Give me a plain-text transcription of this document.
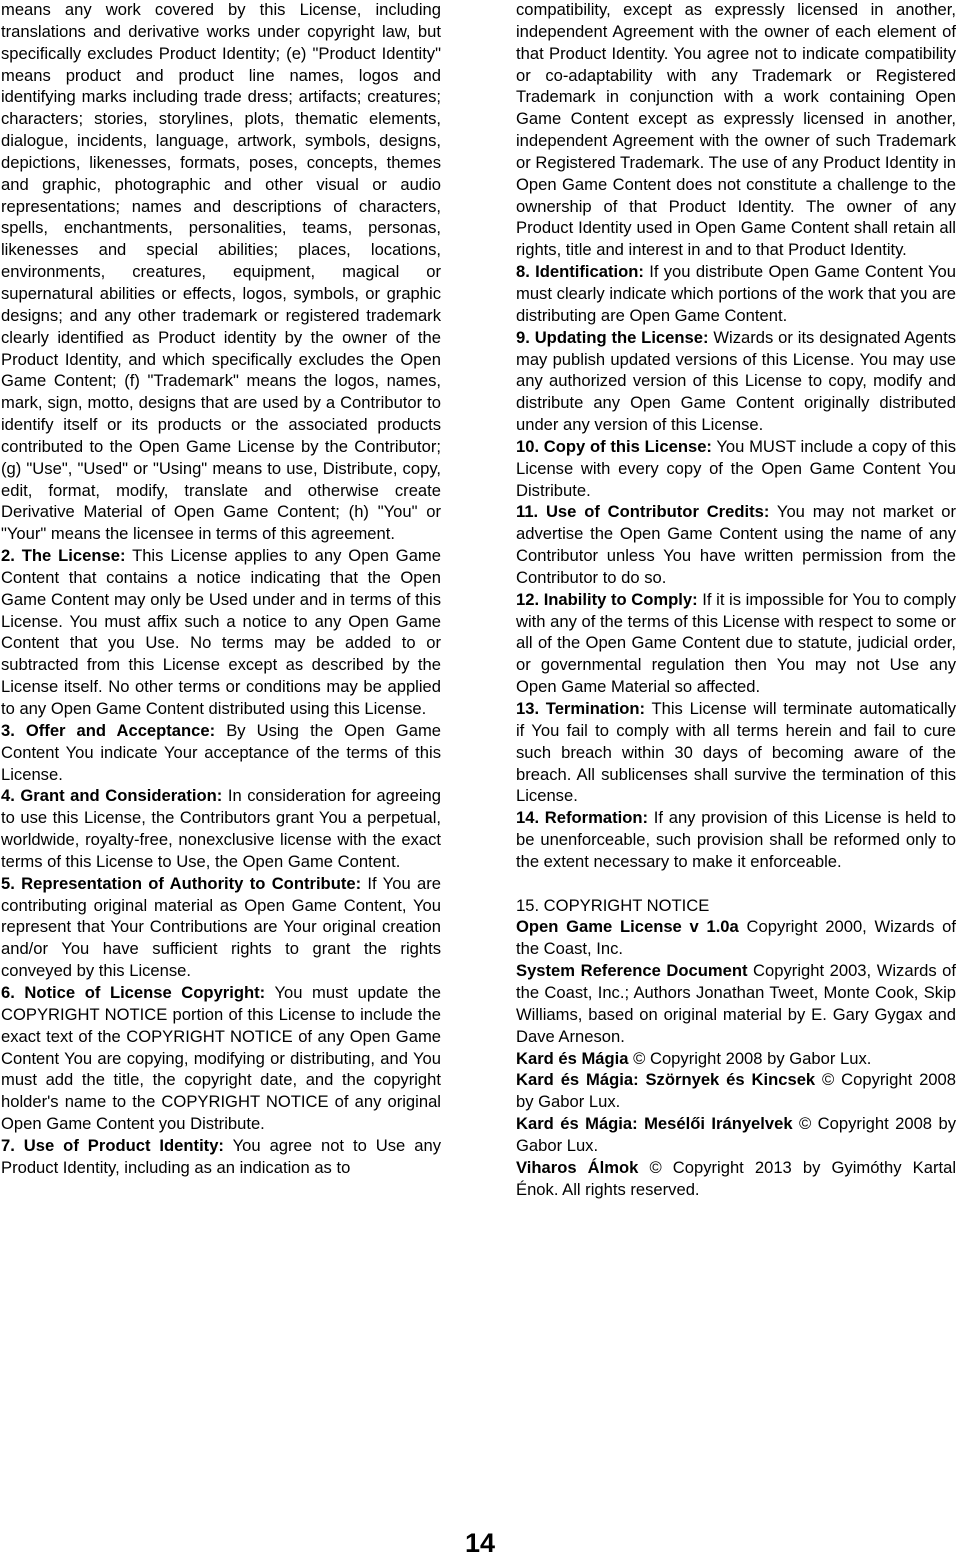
means any work covered by this License, including translations and derivative works under copyright law, but specifically excludes Product Identity; (e) "Product Identity" means product and product line names, logos and identifying marks including trade dress; artifacts; creatures; characters; stories, storylines, plots, thematic elements, dialogue, incidents, language, artwork, symbols, designs, depictions, likenesses, formats, poses, concepts, themes and graphic, photographic and other visual or audio representations; names and descriptions of characters, spells, enchantments, personalities, teams, personas, likenesses and special abilities; places, locations, environments, creatures, equipment, magical or supernatural abilities or effects, logos, symbols, or graphic designs; and any other trademark or registered trademark clearly identified as Product identity by the owner of the Product Identity, and which specifically excludes the Open Game Content; (f) "Trademark" means the logos, names, mark, sign, motto, designs that are used by a Contributor to identify itself or its products or the associated products contributed to the Open Game License by the Contributor; (g) "Use", "Used" or "Using" means to use, Distribute, copy, edit, format, modify, translate and otherwise create Derivative Material of Open Game Content; (h) "You" or "Your" means the licensee in terms of this agreement.

2. The License: This License applies to any Open Game Content that contains a notice indicating that the Open Game Content may only be Used under and in terms of this License. You must affix such a notice to any Open Game Content that you Use. No terms may be added to or subtracted from this License except as described by the License itself. No other terms or conditions may be applied to any Open Game Content distributed using this License.

3. Offer and Acceptance: By Using the Open Game Content You indicate Your acceptance of the terms of this License.

4. Grant and Consideration: In consideration for agreeing to use this License, the Contributors grant You a perpetual, worldwide, royalty-free, nonexclusive license with the exact terms of this License to Use, the Open Game Content.

5. Representation of Authority to Contribute: If You are contributing original material as Open Game Content, You represent that Your Contributions are Your original creation and/or You have sufficient rights to grant the rights conveyed by this License.

6. Notice of License Copyright: You must update the COPYRIGHT NOTICE portion of this License to include the exact text of the COPYRIGHT NOTICE of any Open Game Content You are copying, modifying or distributing, and You must add the title, the copyright date, and the copyright holder's name to the COPYRIGHT NOTICE of any original Open Game Content you Distribute.

7. Use of Product Identity: You agree not to Use any Product Identity, including as an indication as to

compatibility, except as expressly licensed in another, independent Agreement with the owner of each element of that Product Identity. You agree not to indicate compatibility or co-adaptability with any Trademark or Registered Trademark in conjunction with a work containing Open Game Content except as expressly licensed in another, independent Agreement with the owner of such Trademark or Registered Trademark. The use of any Product Identity in Open Game Content does not constitute a challenge to the ownership of that Product Identity. The owner of any Product Identity used in Open Game Content shall retain all rights, title and interest in and to that Product Identity.

8. Identification: If you distribute Open Game Content You must clearly indicate which portions of the work that you are distributing are Open Game Content.

9. Updating the License: Wizards or its designated Agents may publish updated versions of this License. You may use any authorized version of this License to copy, modify and distribute any Open Game Content originally distributed under any version of this License.

10. Copy of this License: You MUST include a copy of this License with every copy of the Open Game Content You Distribute.

11. Use of Contributor Credits: You may not market or advertise the Open Game Content using the name of any Contributor unless You have written permission from the Contributor to do so.

12. Inability to Comply: If it is impossible for You to comply with any of the terms of this License with respect to some or all of the Open Game Content due to statute, judicial order, or governmental regulation then You may not Use any Open Game Material so affected.

13. Termination: This License will terminate automatically if You fail to comply with all terms herein and fail to cure such breach within 30 days of becoming aware of the breach. All sublicenses shall survive the termination of this License.

14. Reformation: If any provision of this License is held to be unenforceable, such provision shall be reformed only to the extent necessary to make it enforceable.

15. COPYRIGHT NOTICE

Open Game License v 1.0a Copyright 2000, Wizards of the Coast, Inc.

System Reference Document Copyright 2003, Wizards of the Coast, Inc.; Authors Jonathan Tweet, Monte Cook, Skip Williams, based on original material by E. Gary Gygax and Dave Arneson.

Kard és Mágia © Copyright 2008 by Gabor Lux.

Kard és Mágia: Szörnyek és Kincsek © Copyright 2008 by Gabor Lux.

Kard és Mágia: Mesélői Irányelvek © Copyright 2008 by Gabor Lux.

Viharos Álmok © Copyright 2013 by Gyimóthy Kartal Énok. All rights reserved.

14
